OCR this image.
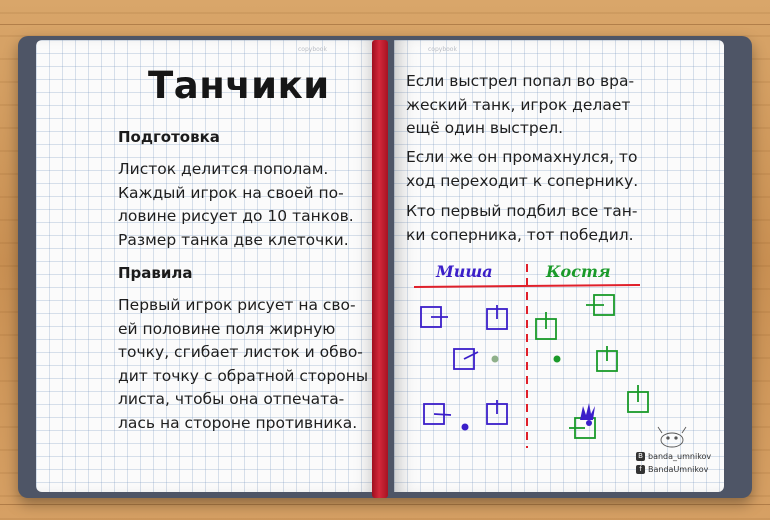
copybook	copybook
Танчики
Подготовка
Листок делится пополам.
Каждый игрок на своей по-
ловине рисует до 10 танков.
Размер танка две клеточки.
Правила
Первый игрок рисует на сво-
ей половине поля жирную
точку, сгибает листок и обво-
дит точку с обратной стороны
листа, чтобы она отпечата-
лась на стороне противника.
Если выстрел попал во вра-
жеский танк, игрок делает
ещё один выстрел.
Если же он промахнулся, то
ход переходит к сопернику.
Кто первый подбил все тан-
ки соперника, тот победил.
Миша	Костя
В banda_umnikov
f BandaUmnikov
